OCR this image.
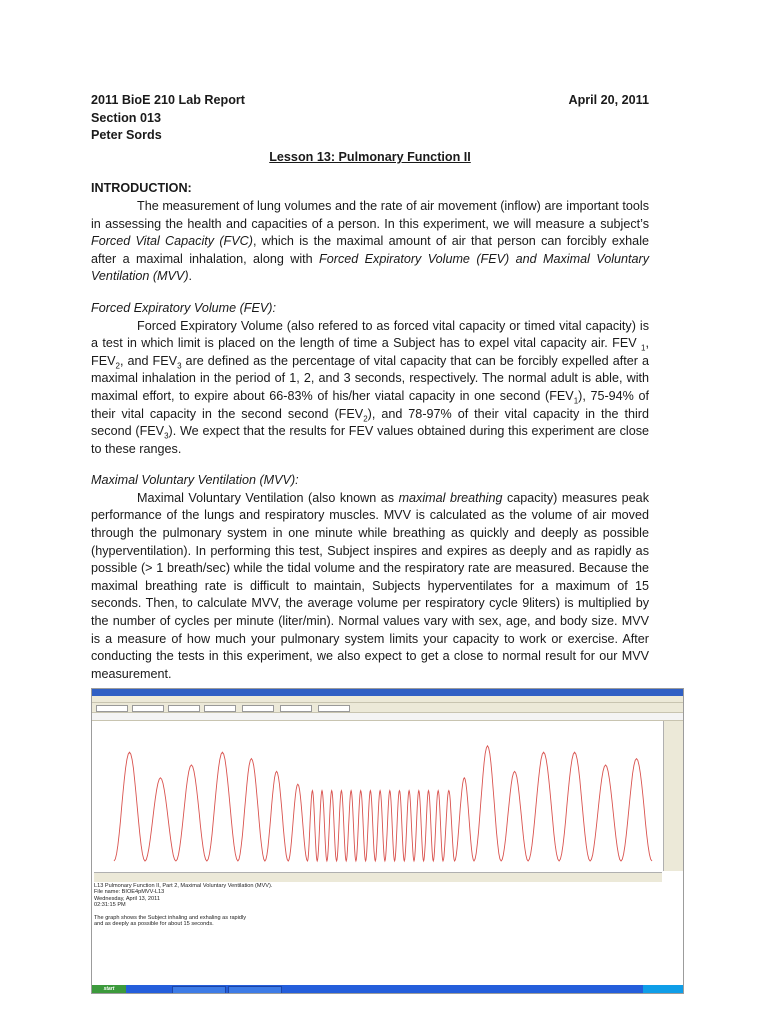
2011 BioE 210 Lab Report	April 20, 2011
Section 013
Peter Sords
Lesson 13: Pulmonary Function II
INTRODUCTION:

The measurement of lung volumes and the rate of air movement (inflow) are important tools in assessing the health and capacities of a person. In this experiment, we will measure a subject’s Forced Vital Capacity (FVC), which is the maximal amount of air that person can forcibly exhale after a maximal inhalation, along with Forced Expiratory Volume (FEV) and Maximal Voluntary Ventilation (MVV).

Forced Expiratory Volume (FEV):

Forced Expiratory Volume (also refered to as forced vital capacity or timed vital capacity) is a test in which limit is placed on the length of time a Subject has to expel vital capacity air. FEV $_1$, $FEV_2$, and $FEV_3$ are defined as the percentage of vital capacity that can be forcibly expelled after a maximal inhalation in the period of 1, 2, and 3 seconds, respectively. The normal adult is able, with maximal effort, to expire about 66-83% of his/her viatal capacity in one second $(FEV_1)$, 75-94% of their vital capacity in the second second $(FEV_2)$, and 78-97% of their vital capacity in the third second $(FEV_3)$. We expect that the results for FEV values obtained during this experiment are close to these ranges.

Maximal Voluntary Ventilation (MVV):

Maximal Voluntary Ventilation (also known as maximal breathing capacity) measures peak performance of the lungs and respiratory muscles. MVV is calculated as the volume of air moved through the pulmonary system in one minute while breathing as quickly and deeply as possible (hyperventilation). In performing this test, Subject inspires and expires as deeply and as rapidly as possible (> 1 breath/sec) while the tidal volume and the respiratory rate are measured. Because the maximal breathing rate is difficult to maintain, Subjects hyperventilates for a maximum of 15 seconds. Then, to calculate MVV, the average volume per respiratory cycle 9liters) is multiplied by the number of cycles per minute (liter/min). Normal values vary with sex, age, and body size. MVV is a measure of how much your pulmonary system limits your capacity to work or exercise. After conducting the tests in this experiment, we also expect to get a close to normal result for our MVV measurement.

L13 Pulmonary Function II, Part 2, Maximal Voluntary Ventilation (MVV).
File name: BIOE4pMVV-L13
Wednesday, April 13, 2011
02:31:15 PM
The graph shows the Subject inhaling and exhaling as rapidly
and as deeply as possible for about 15 seconds.
start
